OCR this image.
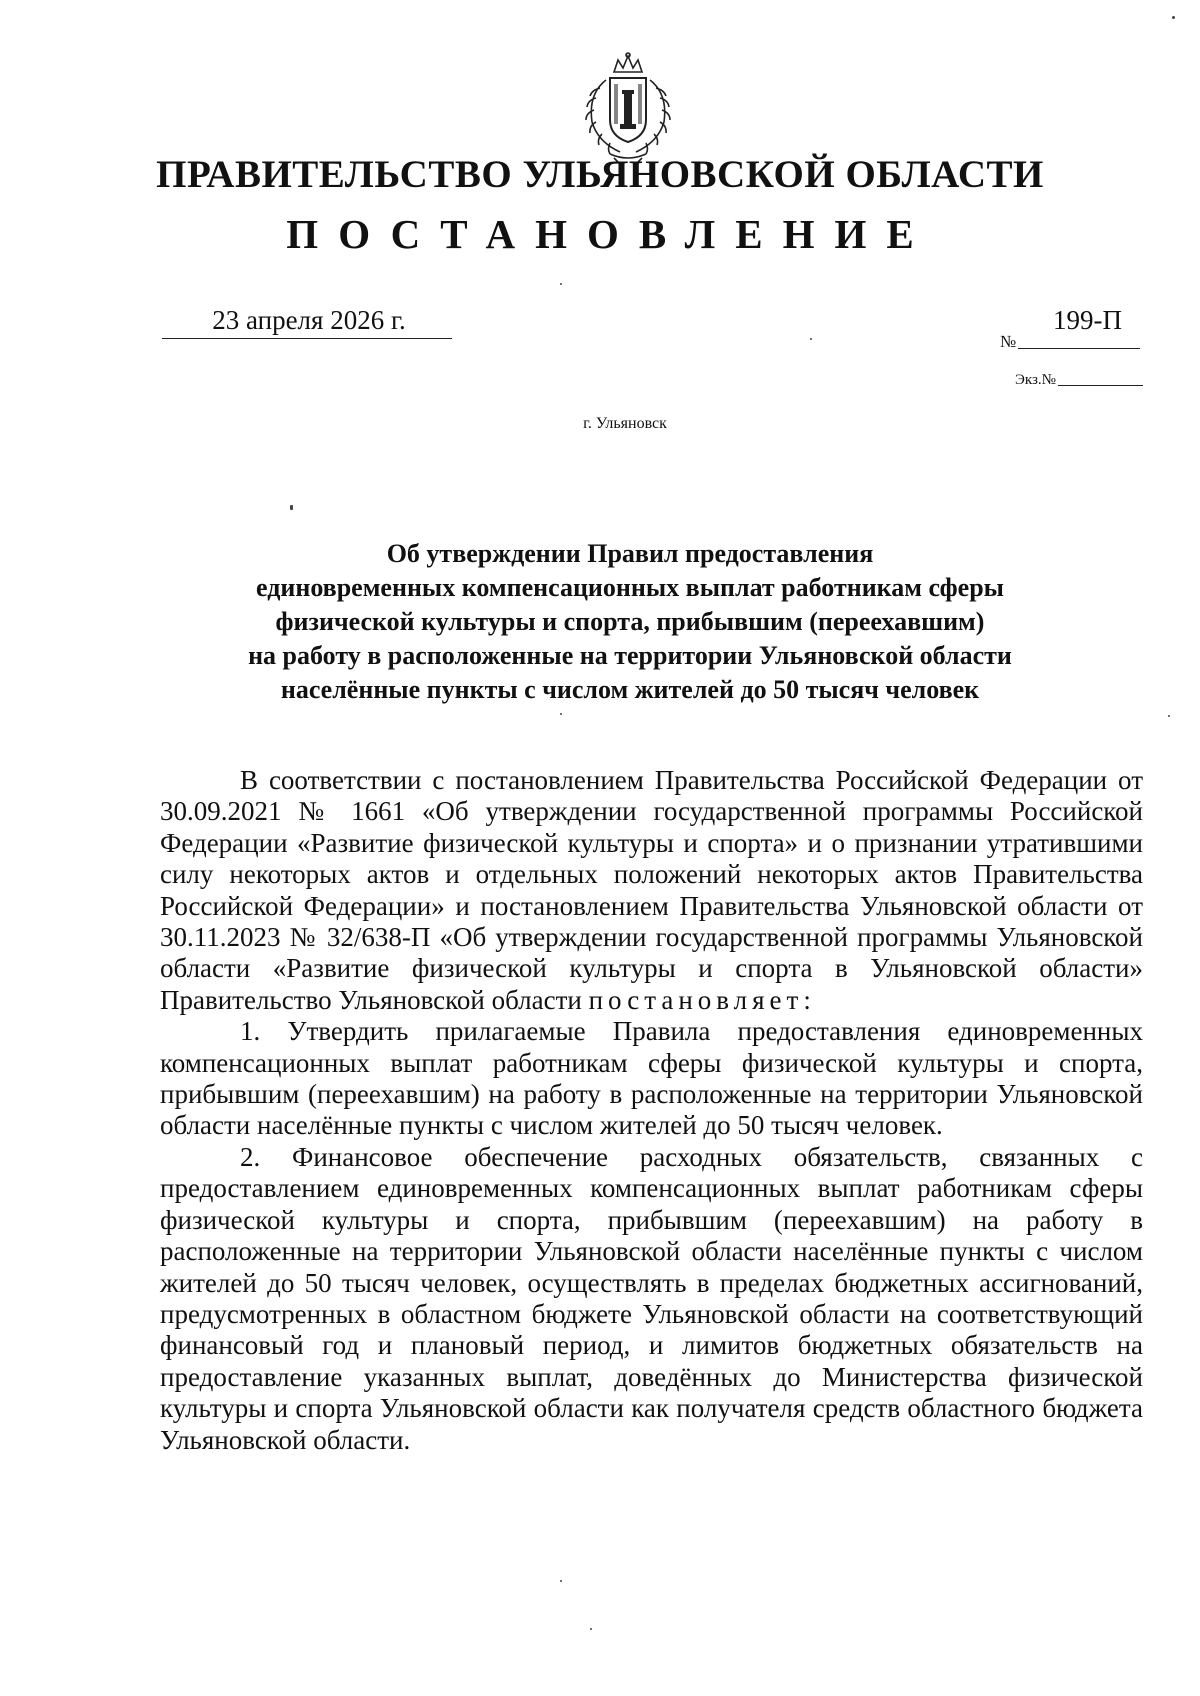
ПРАВИТЕЛЬСТВО УЛЬЯНОВСКОЙ ОБЛАСТИ
ПОСТАНОВЛЕНИЕ
23 апреля 2026 г.	199-П
№
Экз.№
г. Ульяновск
Об утверждении Правил предоставления
единовременных компенсационных выплат работникам сферы
физической культуры и спорта, прибывшим (переехавшим)
на работу в расположенные на территории Ульяновской области
населённые пункты с числом жителей до 50 тысяч человек

В соответствии с постановлением Правительства Российской Федерации от 30.09.2021 № 1661 «Об утверждении государственной программы Российской Федерации «Развитие физической культуры и спорта» и о признании утратившими силу некоторых актов и отдельных положений некоторых актов Правительства Российской Федерации» и постановлением Правительства Ульяновской области от 30.11.2023 № 32/638-П «Об утверждении государственной программы Ульяновской области «Развитие физической культуры и спорта в Ульяновской области» Правительство Ульяновской области постановляет:

1. Утвердить прилагаемые Правила предоставления единовременных компенсационных выплат работникам сферы физической культуры и спорта, прибывшим (переехавшим) на работу в расположенные на территории Ульяновской области населённые пункты с числом жителей до 50 тысяч человек.

2. Финансовое обеспечение расходных обязательств, связанных с предоставлением единовременных компенсационных выплат работникам сферы физической культуры и спорта, прибывшим (переехавшим) на работу в расположенные на территории Ульяновской области населённые пункты с числом жителей до 50 тысяч человек, осуществлять в пределах бюджетных ассигнований, предусмотренных в областном бюджете Ульяновской области на соответствующий финансовый год и плановый период, и лимитов бюджетных обязательств на предоставление указанных выплат, доведённых до Министерства физической культуры и спорта Ульяновской области как получателя средств областного бюджета Ульяновской области.
